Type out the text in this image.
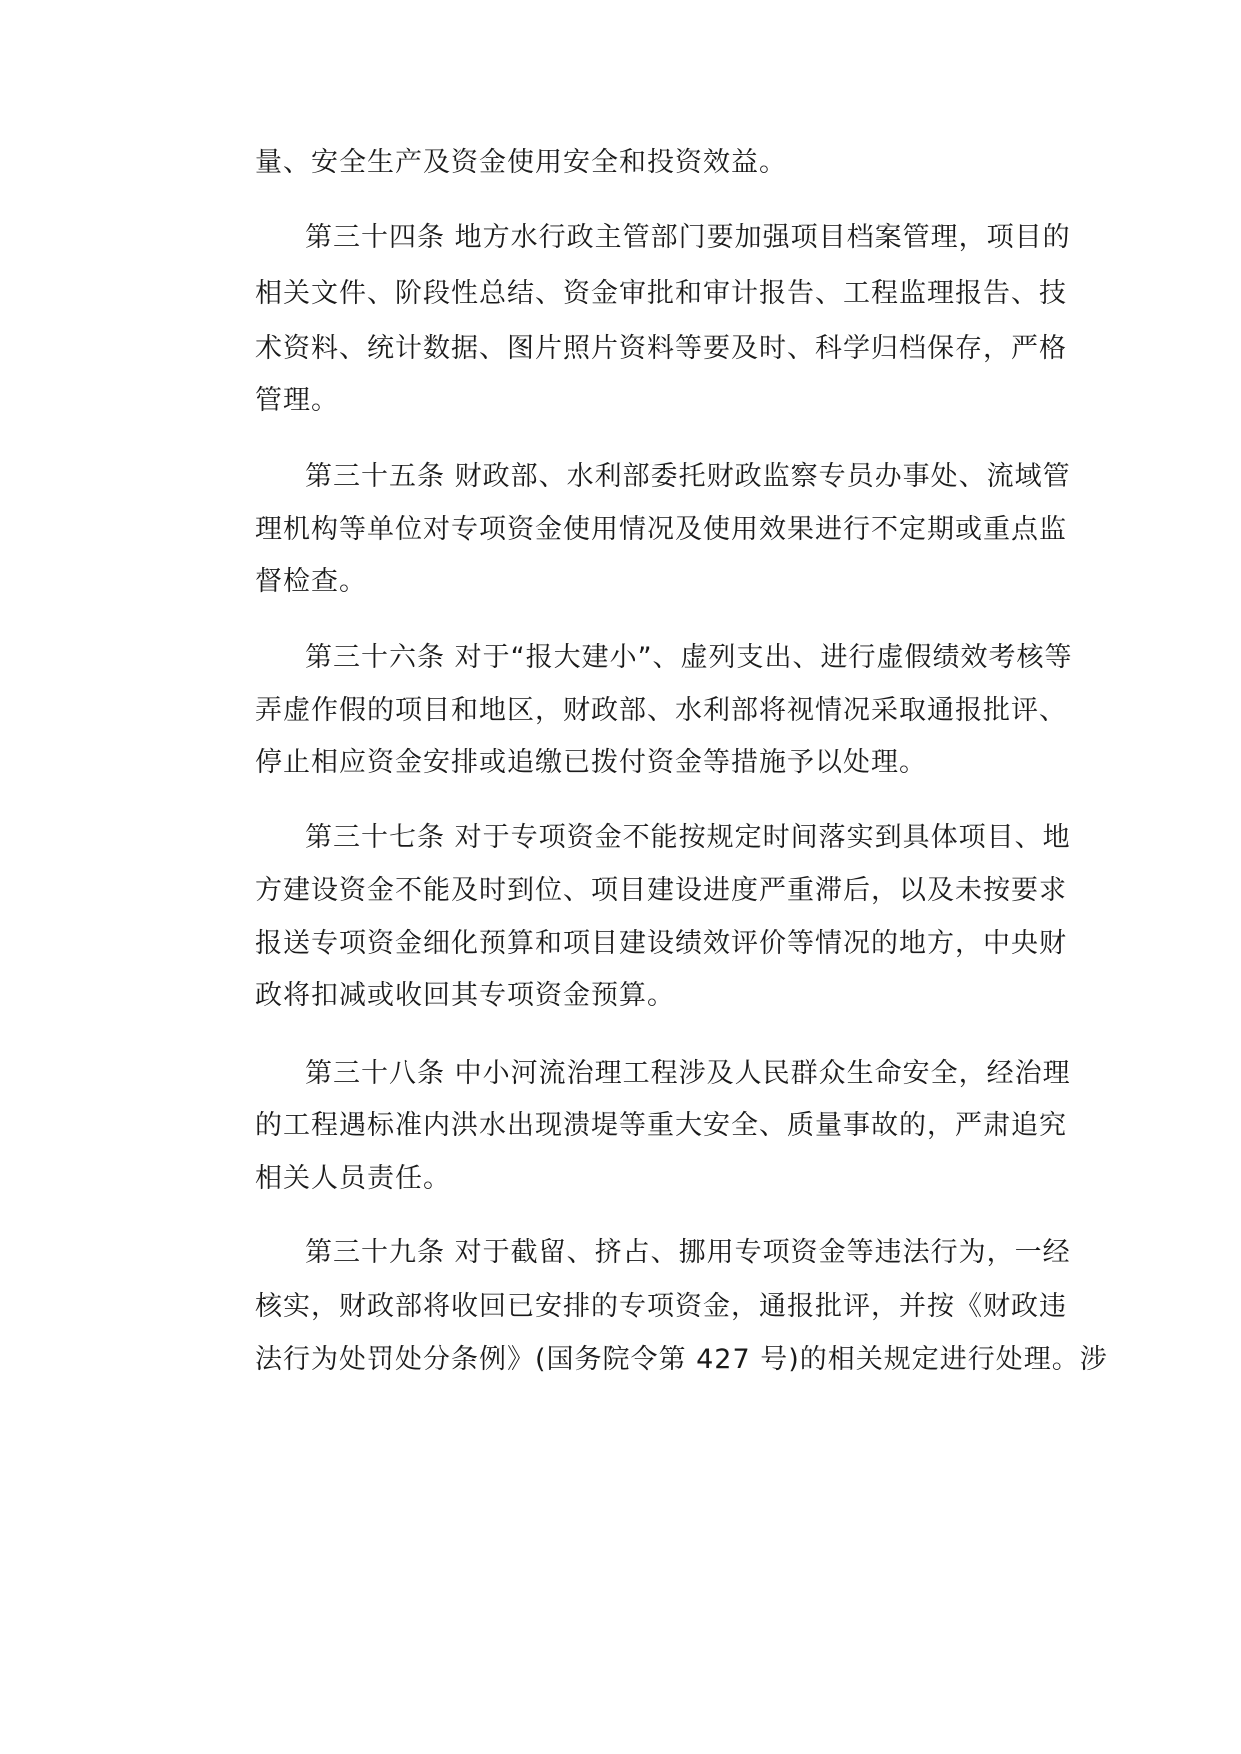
量、安全生产及资金使用安全和投资效益。
第三十四条 地方水行政主管部门要加强项目档案管理，项目的
相关文件、阶段性总结、资金审批和审计报告、工程监理报告、技
术资料、统计数据、图片照片资料等要及时、科学归档保存，严格
管理。
第三十五条 财政部、水利部委托财政监察专员办事处、流域管
理机构等单位对专项资金使用情况及使用效果进行不定期或重点监
督检查。
第三十六条 对于“报大建小”、虚列支出、进行虚假绩效考核等
弄虚作假的项目和地区，财政部、水利部将视情况采取通报批评、
停止相应资金安排或追缴已拨付资金等措施予以处理。
第三十七条 对于专项资金不能按规定时间落实到具体项目、地
方建设资金不能及时到位、项目建设进度严重滞后，以及未按要求
报送专项资金细化预算和项目建设绩效评价等情况的地方，中央财
政将扣减或收回其专项资金预算。
第三十八条 中小河流治理工程涉及人民群众生命安全，经治理
的工程遇标准内洪水出现溃堤等重大安全、质量事故的，严肃追究
相关人员责任。
第三十九条 对于截留、挤占、挪用专项资金等违法行为，一经
核实，财政部将收回已安排的专项资金，通报批评，并按《财政违
法行为处罚处分条例》(国务院令第 427 号)的相关规定进行处理。涉
